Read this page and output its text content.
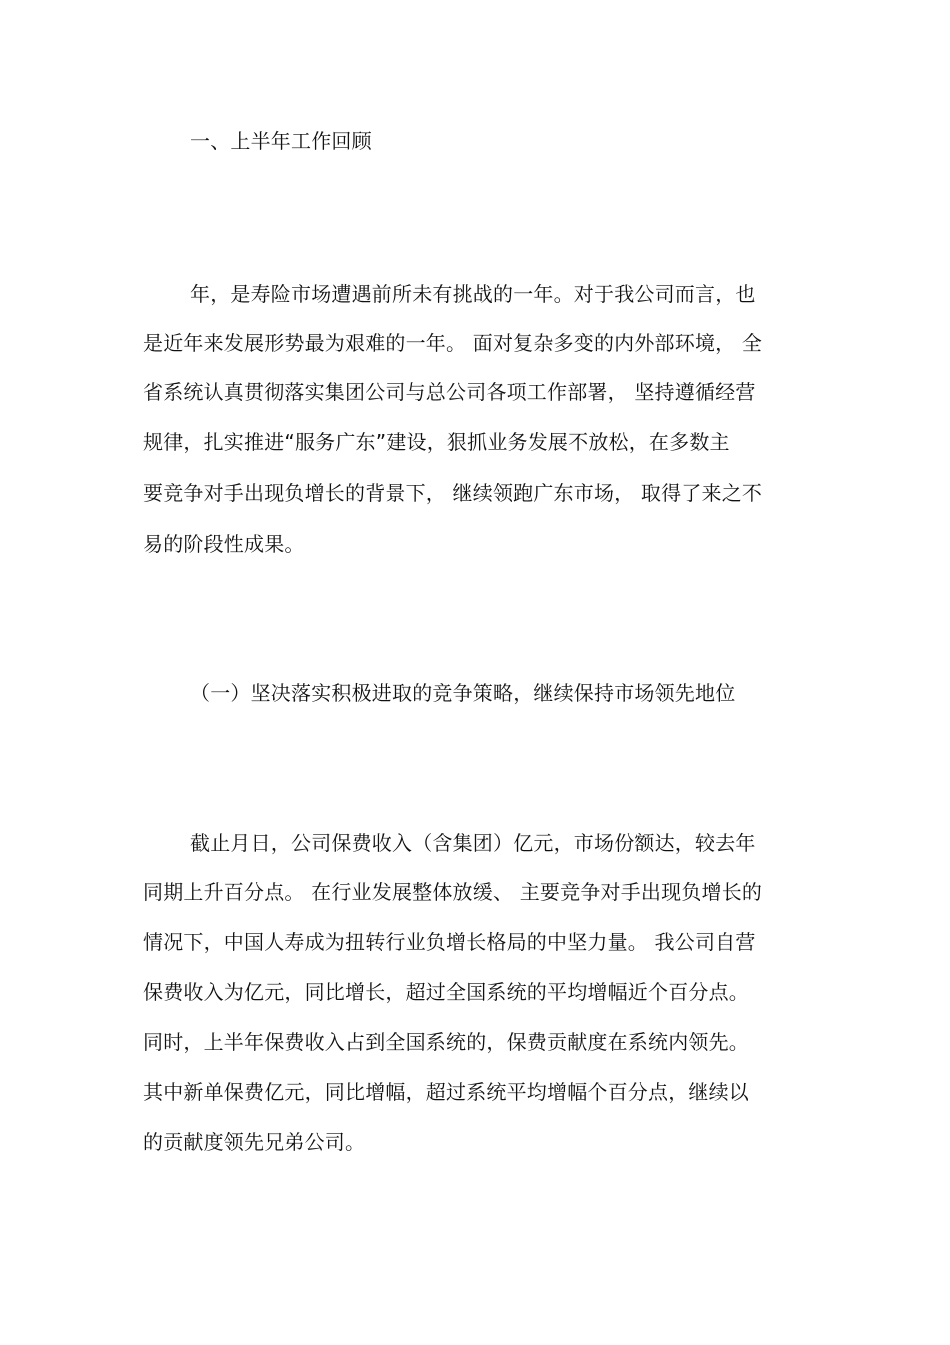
一、上半年工作回顾
年，是寿险市场遭遇前所未有挑战的一年。对于我公司而言，也
是近年来发展形势最为艰难的一年。 面对复杂多变的内外部环境， 全
省系统认真贯彻落实集团公司与总公司各项工作部署， 坚持遵循经营
规律，扎实推进“服务广东”建设，狠抓业务发展不放松，在多数主
要竞争对手出现负增长的背景下， 继续领跑广东市场， 取得了来之不
易的阶段性成果。
（一）坚决落实积极进取的竞争策略，继续保持市场领先地位
截止月日，公司保费收入（含集团）亿元，市场份额达，较去年
同期上升百分点。 在行业发展整体放缓、 主要竞争对手出现负增长的
情况下，中国人寿成为扭转行业负增长格局的中坚力量。 我公司自营
保费收入为亿元，同比增长，超过全国系统的平均增幅近个百分点。
同时，上半年保费收入占到全国系统的，保费贡献度在系统内领先。
其中新单保费亿元，同比增幅，超过系统平均增幅个百分点，继续以
的贡献度领先兄弟公司。
